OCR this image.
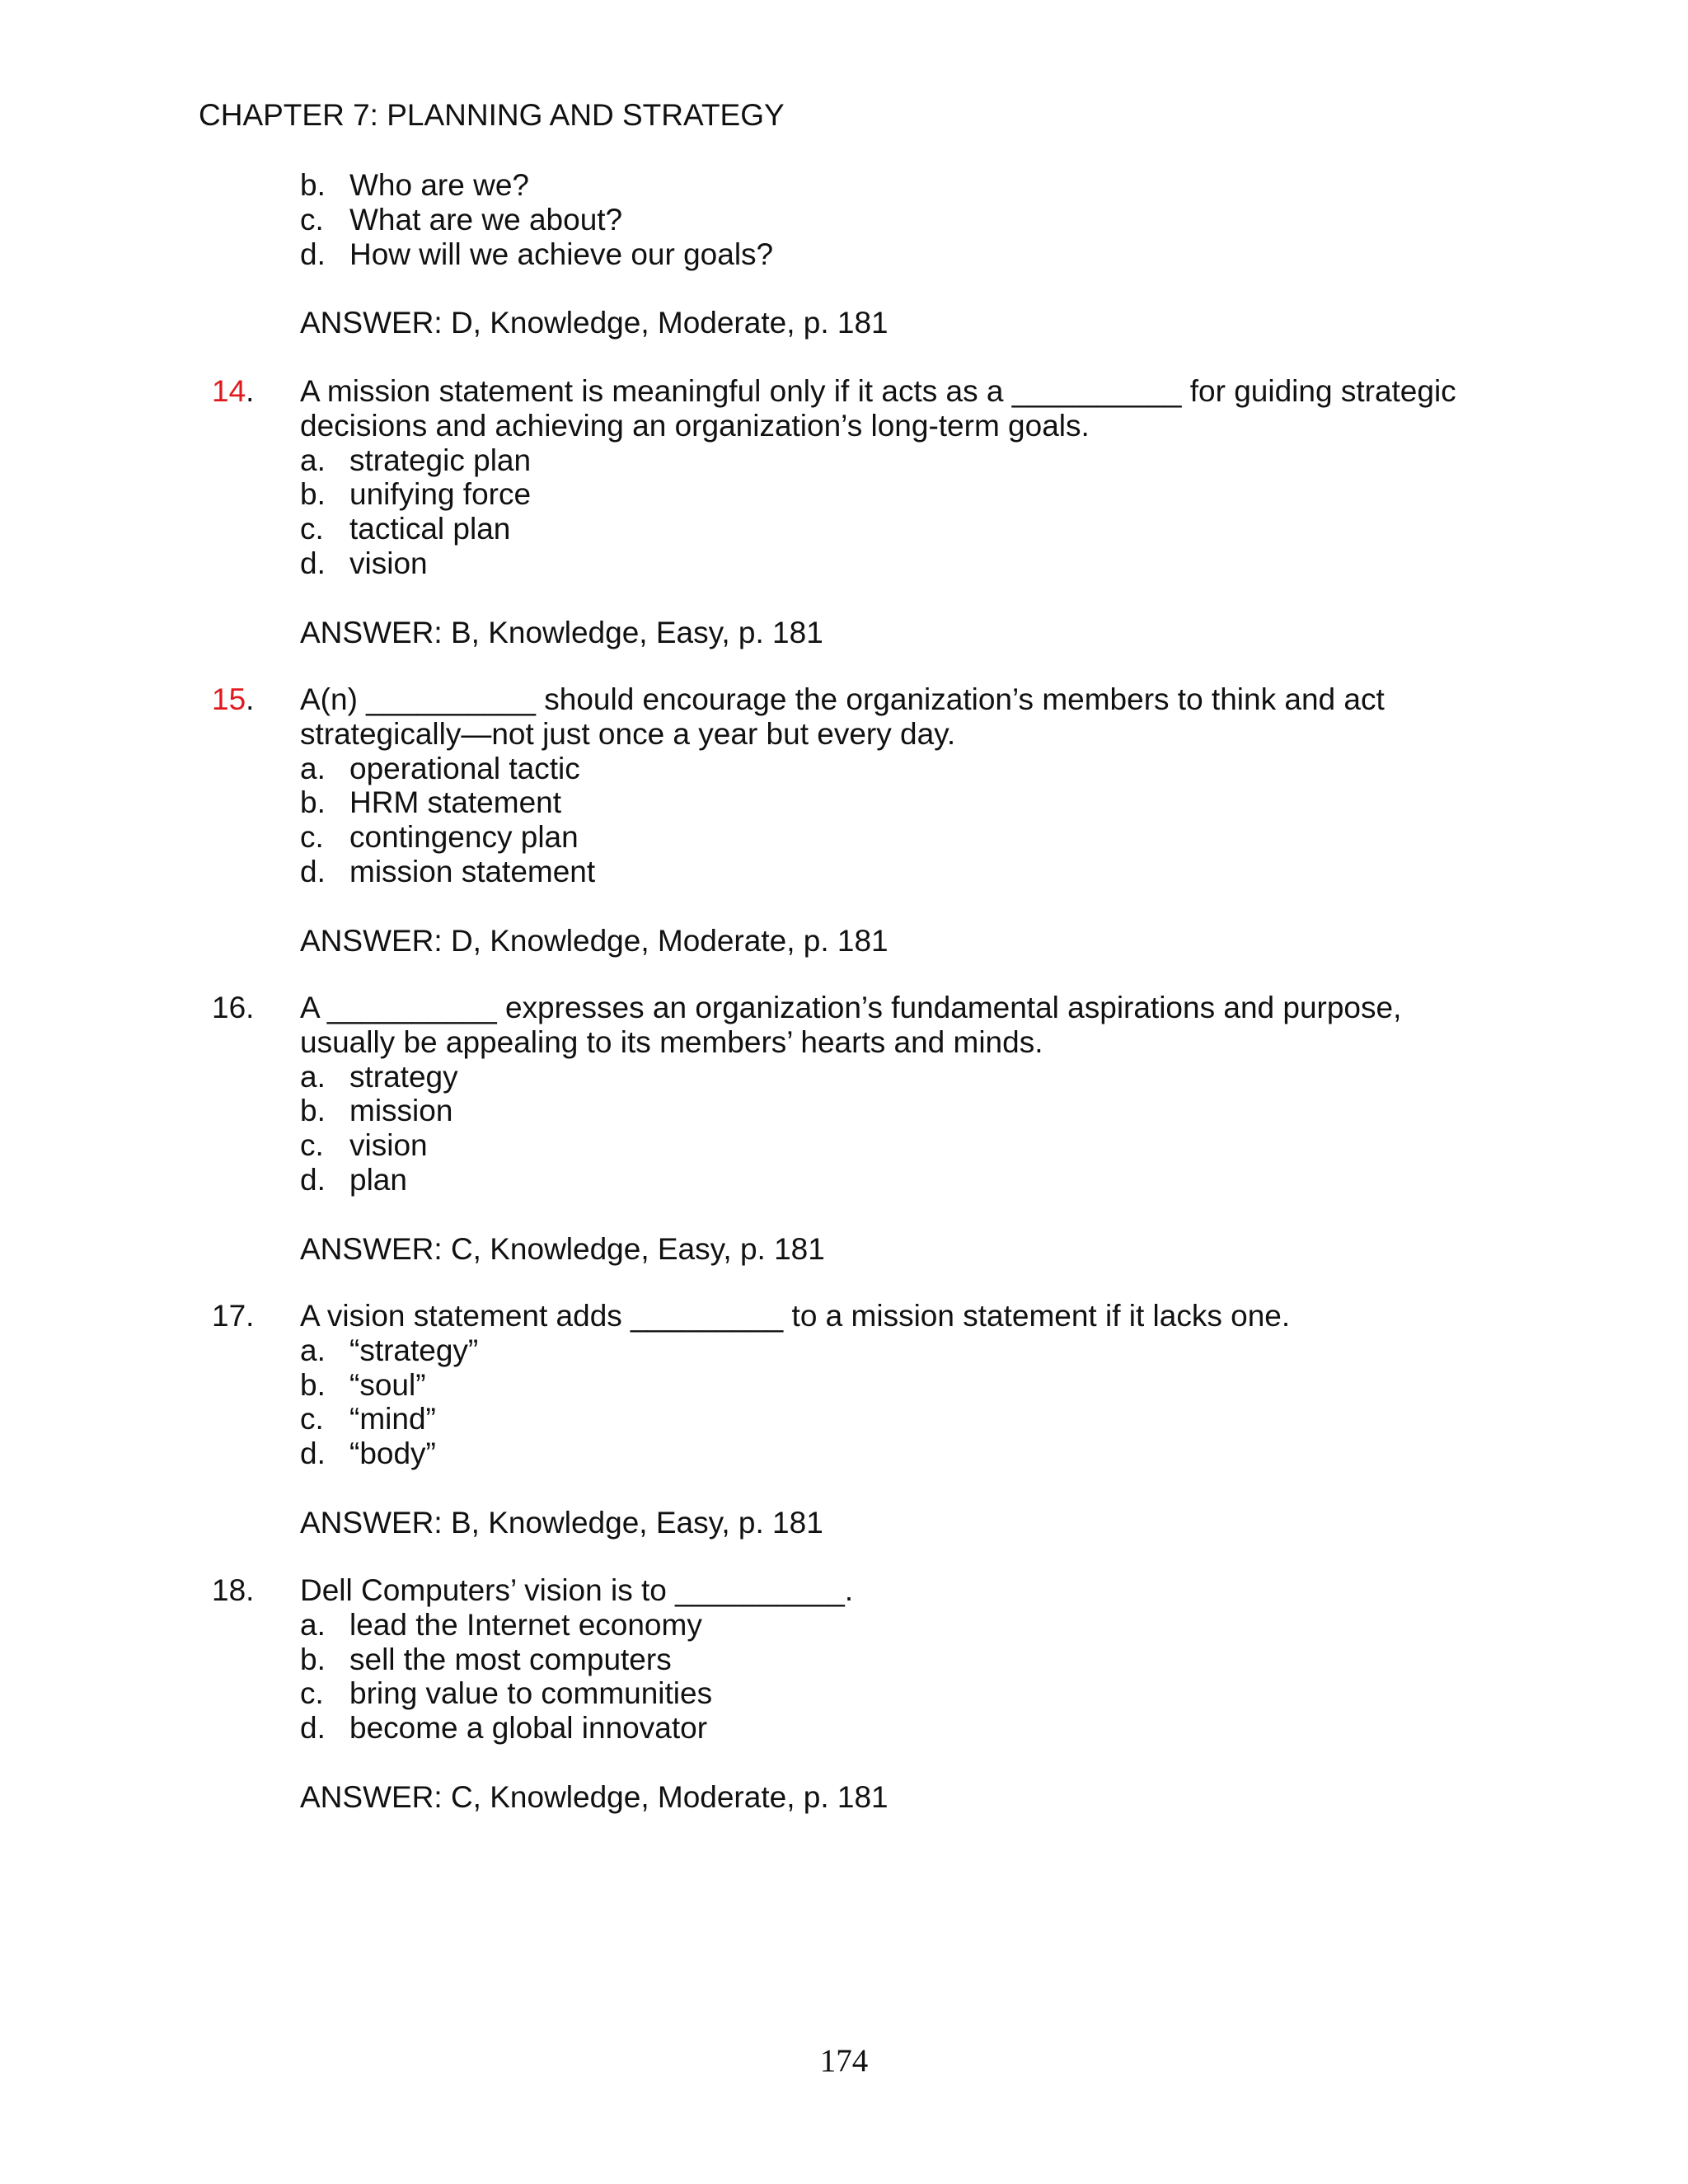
CHAPTER 7: PLANNING AND STRATEGY
b. Who are we?
c. What are we about?
d. How will we achieve our goals?
ANSWER: D, Knowledge, Moderate, p. 181
14.	A mission statement is meaningful only if it acts as a __________ for guiding strategic decisions and achieving an organization’s long-term goals.
a. strategic plan
b. unifying force
c. tactical plan
d. vision
ANSWER: B, Knowledge, Easy, p. 181
15.	A(n) __________ should encourage the organization’s members to think and act strategically—not just once a year but every day.
a. operational tactic
b. HRM statement
c. contingency plan
d. mission statement
ANSWER: D, Knowledge, Moderate, p. 181
16.	A __________ expresses an organization’s fundamental aspirations and purpose, usually be appealing to its members’ hearts and minds.
a. strategy
b. mission
c. vision
d. plan
ANSWER: C, Knowledge, Easy, p. 181
17.	A vision statement adds _________ to a mission statement if it lacks one.
a. “strategy”
b. “soul”
c. “mind”
d. “body”
ANSWER: B, Knowledge, Easy, p. 181
18.	Dell Computers’ vision is to __________.
a. lead the Internet economy
b. sell the most computers
c. bring value to communities
d. become a global innovator
ANSWER: C, Knowledge, Moderate, p. 181
174
